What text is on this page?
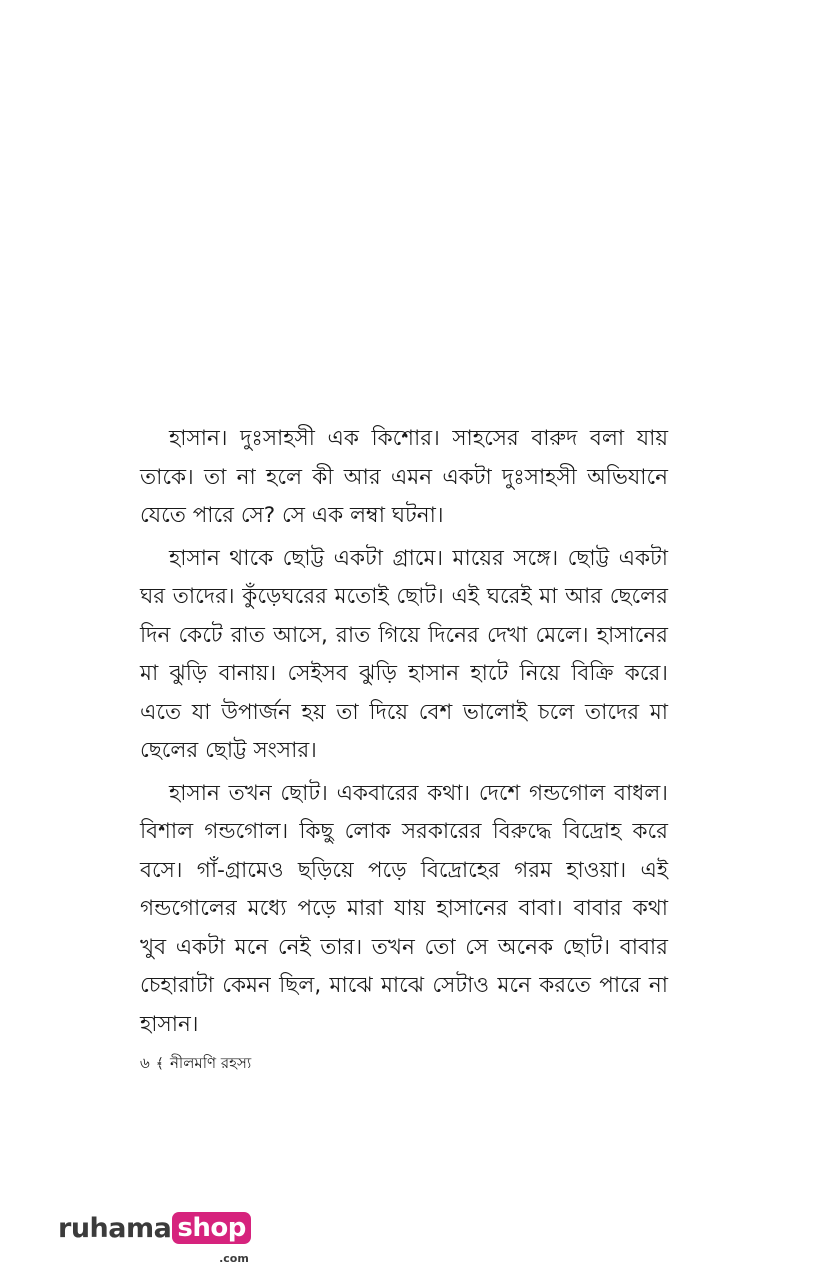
হাসান। দুঃসাহসী এক কিশোর। সাহসের বারুদ বলা যায় তাকে। তা না হলে কী আর এমন একটা দুঃসাহসী অভিযানে যেতে পারে সে? সে এক লম্বা ঘটনা।

হাসান থাকে ছোট্ট একটা গ্রামে। মায়ের সঙ্গে। ছোট্ট একটা ঘর তাদের। কুঁড়েঘরের মতোই ছোট। এই ঘরেই মা আর ছেলের দিন কেটে রাত আসে, রাত গিয়ে দিনের দেখা মেলে। হাসানের মা ঝুড়ি বানায়। সেইসব ঝুড়ি হাসান হাটে নিয়ে বিক্রি করে। এতে যা উপার্জন হয় তা দিয়ে বেশ ভালোই চলে তাদের মা ছেলের ছোট্ট সংসার।

হাসান তখন ছোট। একবারের কথা। দেশে গন্ডগোল বাধল। বিশাল গন্ডগোল। কিছু লোক সরকারের বিরুদ্ধে বিদ্রোহ করে বসে। গাঁ-গ্রামেও ছড়িয়ে পড়ে বিদ্রোহের গরম হাওয়া। এই গন্ডগোলের মধ্যে পড়ে মারা যায় হাসানের বাবা। বাবার কথা খুব একটা মনে নেই তার। তখন তো সে অনেক ছোট। বাবার চেহারাটা কেমন ছিল, মাঝে মাঝে সেটাও মনে করতে পারে না হাসান।

৬ ﴾ নীলমণি রহস্য
ruhama shop
.com
